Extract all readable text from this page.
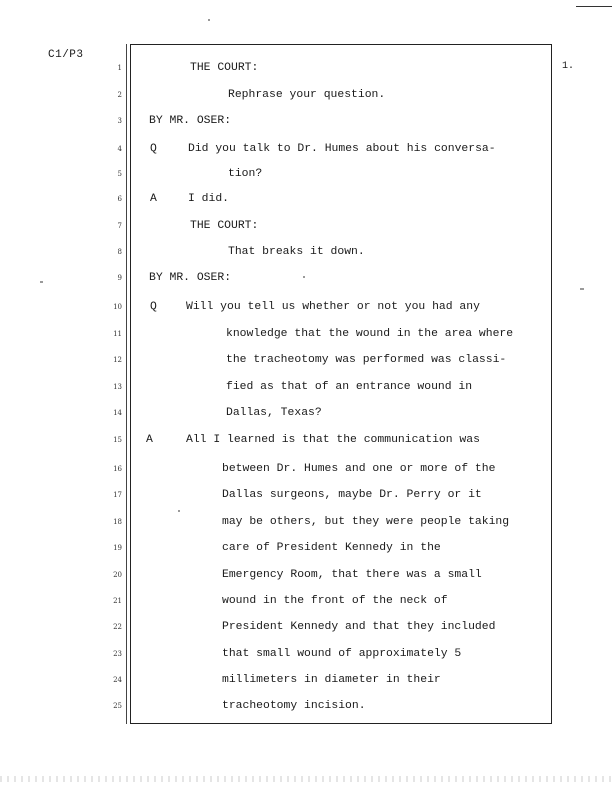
C1/P3
1.
1	THE COURT:
2	Rephrase your question.
3 BY MR. OSER:
4 Q	Did you talk to Dr. Humes about his conversa-
5	tion?
6 A	I did.
7	THE COURT:
8	That breaks it down.
9 BY MR. OSER:
10 Q	Will you tell us whether or not you had any
11	knowledge that the wound in the area where
12	the tracheotomy was performed was classi-
13	fied as that of an entrance wound in
14	Dallas, Texas?
15 A	All I learned is that the communication was
16	between Dr. Humes and one or more of the
17	Dallas surgeons, maybe Dr. Perry or it
18	may be others, but they were people taking
19	care of President Kennedy in the
20	Emergency Room, that there was a small
21	wound in the front of the neck of
22	President Kennedy and that they included
23	that small wound of approximately 5
24	millimeters in diameter in their
25	tracheotomy incision.
